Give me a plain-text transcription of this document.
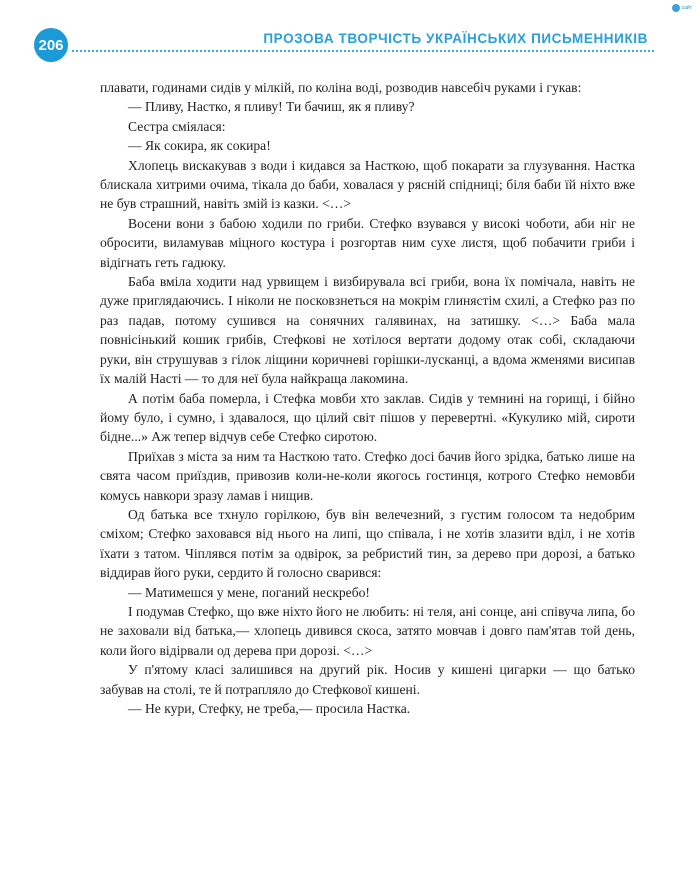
сайт
206	ПРОЗОВА ТВОРЧІСТЬ УКРАЇНСЬКИХ ПИСЬМЕННИКІВ

плавати, годинами сидів у мілкій, по коліна воді, розводив навсебіч руками і гукав:

— Пливу, Настко, я пливу! Ти бачиш, як я пливу?

Сестра сміялася:

— Як сокира, як сокира!

Хлопець вискакував з води і кидався за Насткою, щоб покарати за глузування. Настка блискала хитрими очима, тікала до баби, ховалася у рясній спідниці; біля баби їй ніхто вже не був страшний, навіть змій із казки. <…>

Восени вони з бабою ходили по гриби. Стефко взувався у високі чоботи, аби ніг не обросити, виламував міцного костура і розгортав ним сухе листя, щоб побачити гриби і відігнать геть гадюку.

Баба вміла ходити над урвищем і визбирувала всі гриби, вона їх помічала, навіть не дуже приглядаючись. І ніколи не посковзнеться на мокрім глинястім схилі, а Стефко раз по раз падав, потому сушився на сонячних галявинах, на затишку. <…> Баба мала повнісінький кошик грибів, Стефкові не хотілося вертати додому отак собі, складаючи руки, він струшував з гілок ліщини коричневі горішки-лусканці, а вдома жменями висипав їх малій Насті — то для неї була найкраща лакомина.

А потім баба померла, і Стефка мовби хто заклав. Сидів у темнині на горищі, і бійно йому було, і сумно, і здавалося, що цілий світ пішов у перевертні. «Кукулико мій, сироти бідне...» Аж тепер відчув себе Стефко сиротою.

Приїхав з міста за ним та Насткою тато. Стефко досі бачив його зрідка, батько лише на свята часом приїздив, привозив коли-не-коли якогось гостинця, котрого Стефко немовби комусь навкори зразу ламав і нищив.

Од батька все тхнуло горілкою, був він велечезний, з густим голосом та недобрим сміхом; Стефко заховався від нього на липі, що співала, і не хотів злазити вділ, і не хотів їхати з татом. Чіплявся потім за одвірок, за ребристий тин, за дерево при дорозі, а батько віддирав його руки, сердито й голосно сварився:

— Матимешся у мене, поганий нескребо!

І подумав Стефко, що вже ніхто його не любить: ні теля, ані сонце, ані співуча липа, бо не заховали від батька,— хлопець дивився скоса, затято мовчав і довго пам'ятав той день, коли його відірвали од дерева при дорозі. <…>

У п'ятому класі залишився на другий рік. Носив у кишені цигарки — що батько забував на столі, те й потрапляло до Стефкової кишені.

— Не кури, Стефку, не треба,— просила Настка.
